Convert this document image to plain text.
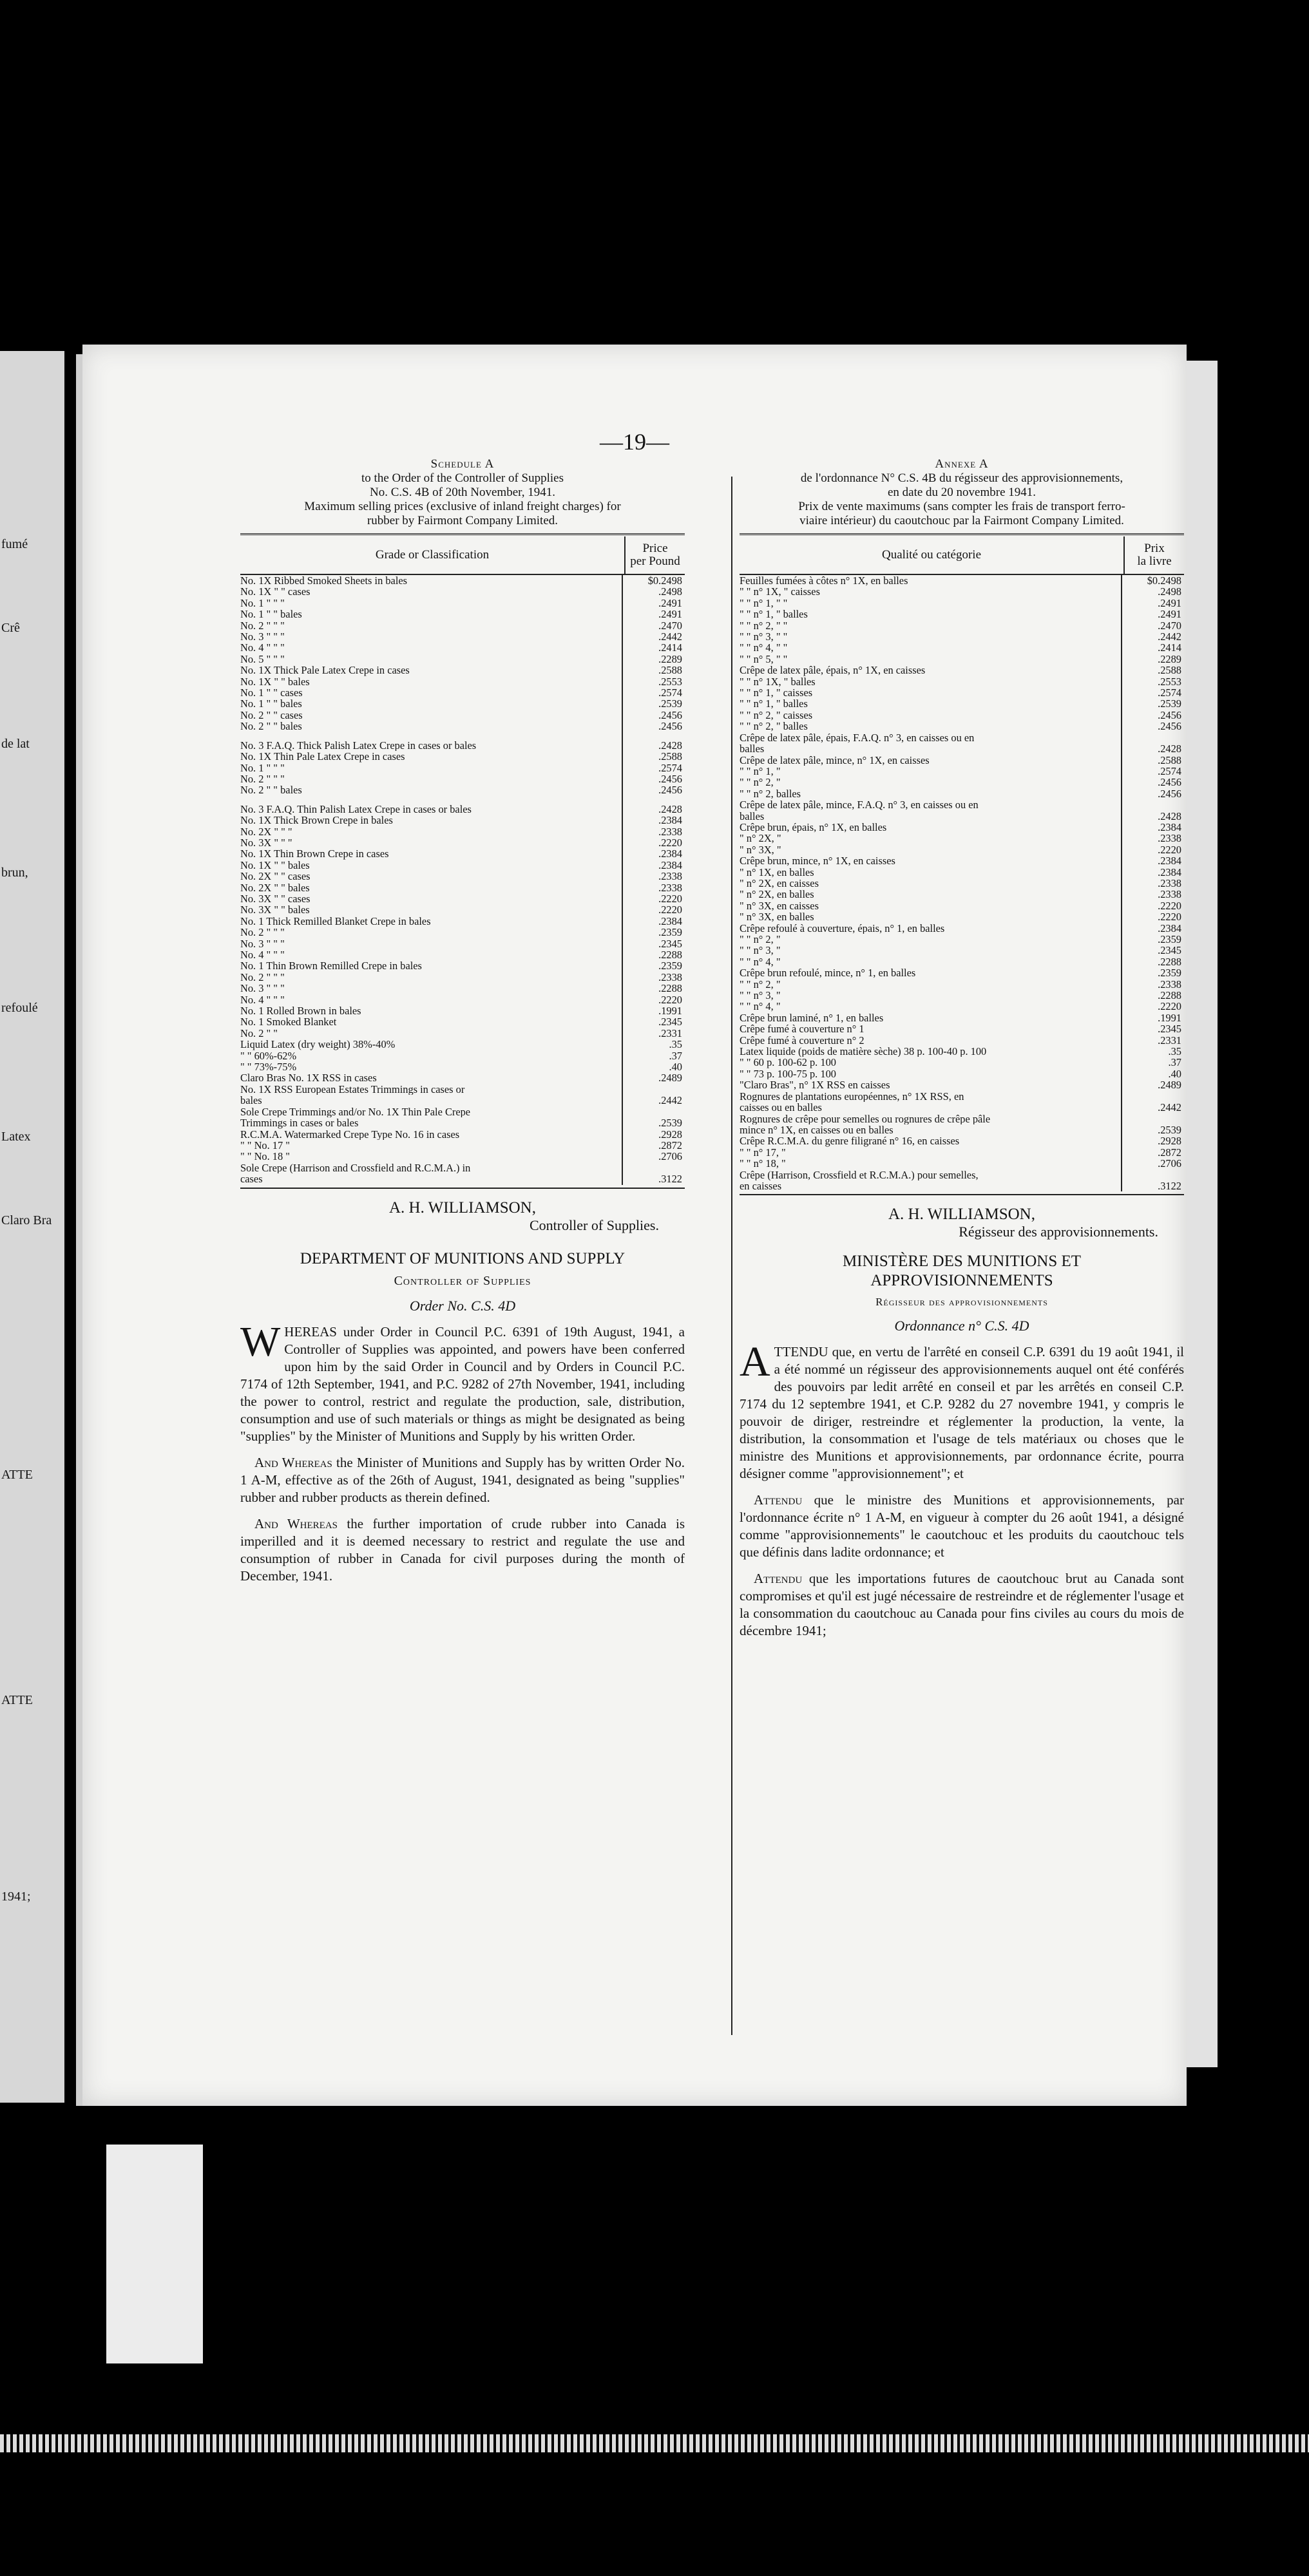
fumé
Crê
de lat
brun,
refoulé
Latex
Claro Bra
ATTE
ATTE
1941;
—19—
Schedule A
to the Order of the Controller of Supplies
No. C.S. 4B of 20th November, 1941.
Maximum selling prices (exclusive of inland freight charges) for
rubber by Fairmont Company Limited.
Grade or Classification	Price
per Pound
No. 1X Ribbed Smoked Sheets in bales	$0.2498
No. 1X " " cases	.2498
No. 1 " " "	.2491
No. 1 " " bales	.2491
No. 2 " " "	.2470
No. 3 " " "	.2442
No. 4 " " "	.2414
No. 5 " " "	.2289
No. 1X Thick Pale Latex Crepe in cases	.2588
No. 1X " " bales	.2553
No. 1 " " cases	.2574
No. 1 " " bales	.2539
No. 2 " " cases	.2456
No. 2 " " bales	.2456

No. 3 F.A.Q. Thick Palish Latex Crepe in cases or bales	.2428
No. 1X Thin Pale Latex Crepe in cases	.2588
No. 1 " " "	.2574
No. 2 " " "	.2456
No. 2 " " bales	.2456

No. 3 F.A.Q. Thin Palish Latex Crepe in cases or bales	.2428
No. 1X Thick Brown Crepe in bales	.2384
No. 2X " " "	.2338
No. 3X " " "	.2220
No. 1X Thin Brown Crepe in cases	.2384
No. 1X " " bales	.2384
No. 2X " " cases	.2338
No. 2X " " bales	.2338
No. 3X " " cases	.2220
No. 3X " " bales	.2220
No. 1 Thick Remilled Blanket Crepe in bales	.2384
No. 2 " " "	.2359
No. 3 " " "	.2345
No. 4 " " "	.2288
No. 1 Thin Brown Remilled Crepe in bales	.2359
No. 2 " " "	.2338
No. 3 " " "	.2288
No. 4 " " "	.2220
No. 1 Rolled Brown in bales	.1991
No. 1 Smoked Blanket	.2345
No. 2 " "	.2331
Liquid Latex (dry weight) 38%-40%	.35
" " 60%-62%	.37
" " 73%-75%	.40
Claro Bras No. 1X RSS in cases	.2489
No. 1X RSS European Estates Trimmings in cases or	
bales	.2442
Sole Crepe Trimmings and/or No. 1X Thin Pale Crepe	
Trimmings in cases or bales	.2539
R.C.M.A. Watermarked Crepe Type No. 16 in cases	.2928
" " No. 17 "	.2872
" " No. 18 "	.2706
Sole Crepe (Harrison and Crossfield and R.C.M.A.) in	
cases	.3122
A. H. WILLIAMSON,
Controller of Supplies.
DEPARTMENT OF MUNITIONS AND SUPPLY
Controller of Supplies
Order No. C.S. 4D
WHEREAS under Order in Council P.C. 6391 of 19th August, 1941, a Controller of Supplies was appointed, and powers have been conferred upon him by the said Order in Council and by Orders in Council P.C. 7174 of 12th September, 1941, and P.C. 9282 of 27th November, 1941, including the power to control, restrict and regulate the production, sale, distribution, consumption and use of such materials or things as might be designated as being "supplies" by the Minister of Munitions and Supply by his written Order.
And Whereas the Minister of Munitions and Supply has by written Order No. 1 A-M, effective as of the 26th of August, 1941, designated as being "supplies" rubber and rubber products as therein defined.
And Whereas the further importation of crude rubber into Canada is imperilled and it is deemed necessary to restrict and regulate the use and consumption of rubber in Canada for civil purposes during the month of December, 1941.
Annexe A
de l'ordonnance N° C.S. 4B du régisseur des approvisionnements,
en date du 20 novembre 1941.
Prix de vente maximums (sans compter les frais de transport ferro-
viaire intérieur) du caoutchouc par la Fairmont Company Limited.
Qualité ou catégorie	Prix
la livre
Feuilles fumées à côtes n° 1X, en balles	$0.2498
" " n° 1X, " caisses	.2498
" " n° 1, " "	.2491
" " n° 1, " balles	.2491
" " n° 2, " "	.2470
" " n° 3, " "	.2442
" " n° 4, " "	.2414
" " n° 5, " "	.2289
Crêpe de latex pâle, épais, n° 1X, en caisses	.2588
" " n° 1X, " balles	.2553
" " n° 1, " caisses	.2574
" " n° 1, " balles	.2539
" " n° 2, " caisses	.2456
" " n° 2, " balles	.2456
Crêpe de latex pâle, épais, F.A.Q. n° 3, en caisses ou en	
balles	.2428
Crêpe de latex pâle, mince, n° 1X, en caisses	.2588
" " n° 1, "	.2574
" " n° 2, "	.2456
" " n° 2, balles	.2456
Crêpe de latex pâle, mince, F.A.Q. n° 3, en caisses ou en	
balles	.2428
Crêpe brun, épais, n° 1X, en balles	.2384
" n° 2X, "	.2338
" n° 3X, "	.2220
Crêpe brun, mince, n° 1X, en caisses	.2384
" n° 1X, en balles	.2384
" n° 2X, en caisses	.2338
" n° 2X, en balles	.2338
" n° 3X, en caisses	.2220
" n° 3X, en balles	.2220
Crêpe refoulé à couverture, épais, n° 1, en balles	.2384
" " n° 2, "	.2359
" " n° 3, "	.2345
" " n° 4, "	.2288
Crêpe brun refoulé, mince, n° 1, en balles	.2359
" " n° 2, "	.2338
" " n° 3, "	.2288
" " n° 4, "	.2220
Crêpe brun laminé, n° 1, en balles	.1991
Crêpe fumé à couverture n° 1	.2345
Crêpe fumé à couverture n° 2	.2331
Latex liquide (poids de matière sèche) 38 p. 100-40 p. 100	.35
" " 60 p. 100-62 p. 100	.37
" " 73 p. 100-75 p. 100	.40
"Claro Bras", n° 1X RSS en caisses	.2489
Rognures de plantations européennes, n° 1X RSS, en	
caisses ou en balles	.2442
Rognures de crêpe pour semelles ou rognures de crêpe pâle	
mince n° 1X, en caisses ou en balles	.2539
Crêpe R.C.M.A. du genre filigrané n° 16, en caisses	.2928
" " n° 17, "	.2872
" " n° 18, "	.2706
Crêpe (Harrison, Crossfield et R.C.M.A.) pour semelles,	
en caisses	.3122
A. H. WILLIAMSON,
Régisseur des approvisionnements.
MINISTÈRE DES MUNITIONS ET
APPROVISIONNEMENTS
Régisseur des approvisionnements
Ordonnance n° C.S. 4D
ATTENDU que, en vertu de l'arrêté en conseil C.P. 6391 du 19 août 1941, il a été nommé un régisseur des approvisionnements auquel ont été conférés des pouvoirs par ledit arrêté en conseil et par les arrêtés en conseil C.P. 7174 du 12 septembre 1941, et C.P. 9282 du 27 novembre 1941, y compris le pouvoir de diriger, restreindre et réglementer la production, la vente, la distribution, la consommation et l'usage de tels matériaux ou choses que le ministre des Munitions et approvisionnements, par ordonnance écrite, pourra désigner comme "approvisionnement"; et
Attendu que le ministre des Munitions et approvisionnements, par l'ordonnance écrite n° 1 A-M, en vigueur à compter du 26 août 1941, a désigné comme "approvisionnements" le caoutchouc et les produits du caoutchouc tels que définis dans ladite ordonnance; et
Attendu que les importations futures de caoutchouc brut au Canada sont compromises et qu'il est jugé nécessaire de restreindre et de réglementer l'usage et la consommation du caoutchouc au Canada pour fins civiles au cours du mois de décembre 1941;
